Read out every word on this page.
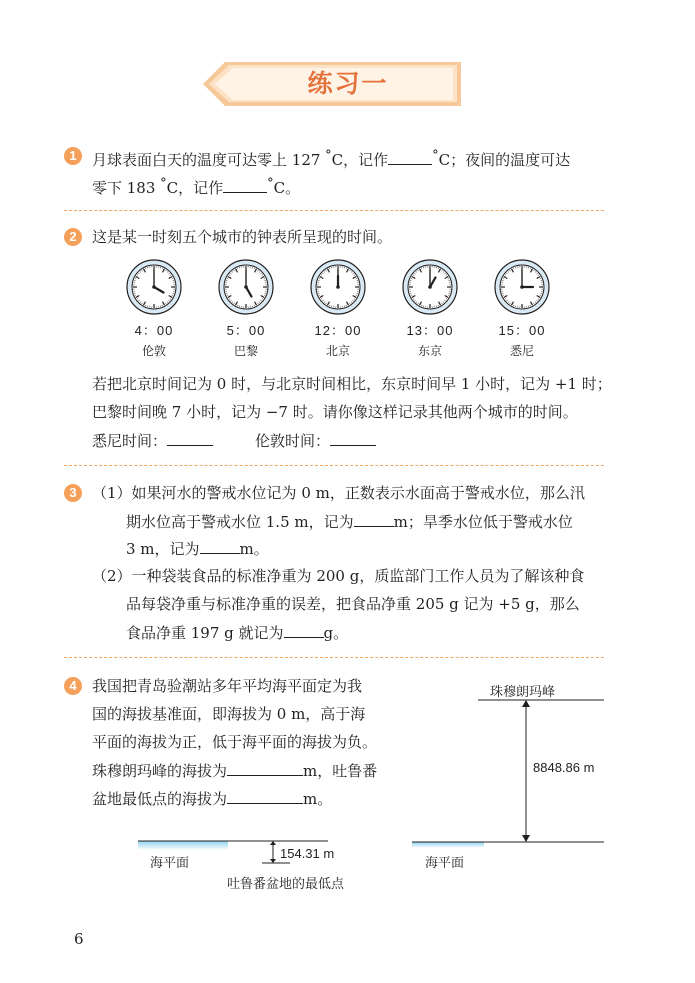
练习一
1	月球表面白天的温度可达零上 127 °C，记作	°C；夜间的温度可达
零下 183 °C，记作	°C。
2	这是某一时刻五个城市的钟表所呈现的时间。
4：00	5：00	12：00	13：00	15：00
伦敦	巴黎	北京	东京	悉尼
若把北京时间记为 0 时，与北京时间相比，东京时间早 1 小时，记为 +1 时；
巴黎时间晚 7 小时，记为 −7 时。请你像这样记录其他两个城市的时间。
悉尼时间：	伦敦时间：
3	（1）如果河水的警戒水位记为 0 m，正数表示水面高于警戒水位，那么汛
期水位高于警戒水位 1.5 m，记为	m；旱季水位低于警戒水位
3 m，记为	m。
（2）一种袋装食品的标准净重为 200 g，质监部门工作人员为了解该种食
品每袋净重与标准净重的误差，把食品净重 205 g 记为 +5 g，那么
食品净重 197 g 就记为	g。
4	我国把青岛验潮站多年平均海平面定为我
国的海拔基准面，即海拔为 0 m，高于海
平面的海拔为正，低于海平面的海拔为负。
珠穆朗玛峰的海拔为	m，吐鲁番
盆地最低点的海拔为	m。
海平面
154.31 m
吐鲁番盆地的最低点
珠穆朗玛峰
8848.86 m
海平面
6
